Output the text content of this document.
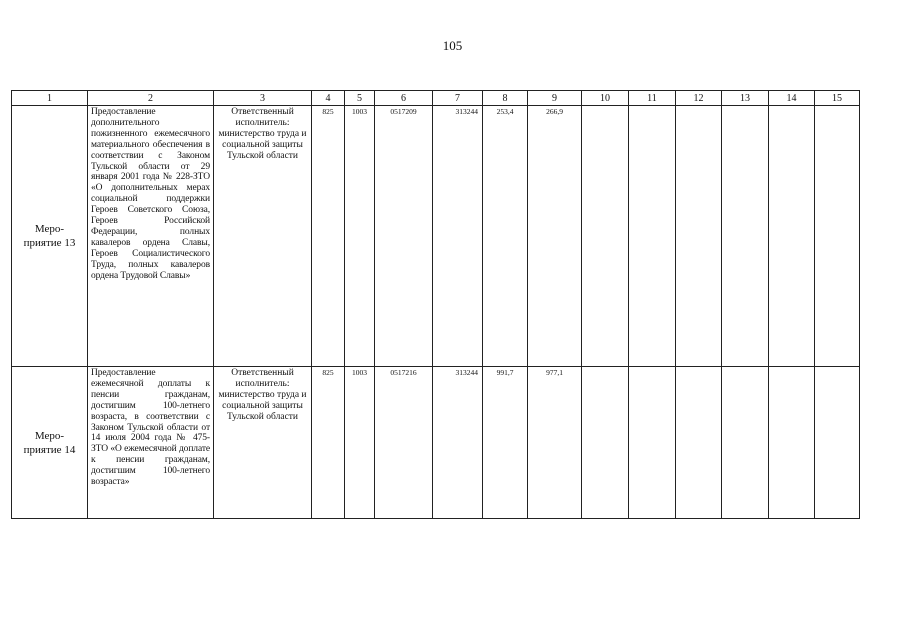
105
1	2	3	4	5	6	7	8	9	10	11	12	13	14	15

Меро-
приятие 13	Предоставление дополнительного пожизненного ежемесячного материального обеспечения в соответствии с Законом Тульской области от 29 января 2001 года № 228-ЗТО «О дополнительных мерах социальной поддержки Героев Советского Союза, Героев Российской Федерации, полных кавалеров ордена Славы, Героев Социалистического Труда, полных кавалеров ордена Трудовой Славы»	Ответственный исполнитель: министерство труда и социальной защиты Тульской области	825	1003	0517209	313244	253,4	266,9						

Меро-
приятие 14	Предоставление ежемесячной доплаты к пенсии гражданам, достигшим 100-летнего возраста, в соответствии с Законом Тульской области от 14 июля 2004 года № 475-ЗТО «О ежемесячной доплате к пенсии гражданам, достигшим 100-летнего возраста»	Ответственный исполнитель: министерство труда и социальной защиты Тульской области	825	1003	0517216	313244	991,7	977,1						
